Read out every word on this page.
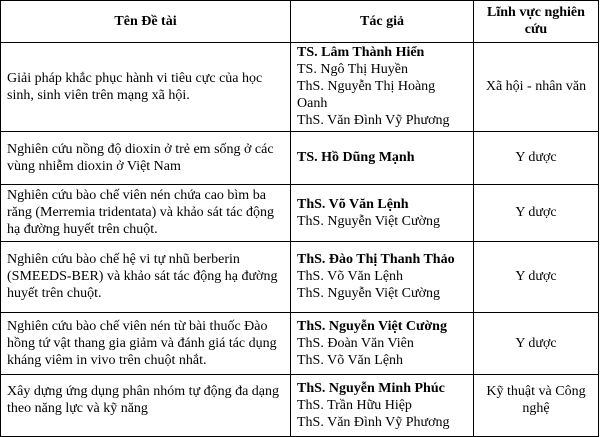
Tên Đề tài	Tác giả	Lĩnh vực nghiên cứu
Giải pháp khắc phục hành vi tiêu cực của học sinh, sinh viên trên mạng xã hội.	TS. Lâm Thành Hiển
TS. Ngô Thị Huyền
ThS. Nguyễn Thị Hoàng Oanh
ThS. Văn Đình Vỹ Phương	Xã hội - nhân văn
Nghiên cứu nồng độ dioxin ở trẻ em sống ở các vùng nhiễm dioxin ở Việt Nam	TS. Hồ Dũng Mạnh	Y dược
Nghiên cứu bào chế viên nén chứa cao bìm ba răng (Merremia tridentata) và khảo sát tác động hạ đường huyết trên chuột.	ThS. Võ Văn Lệnh
ThS. Nguyễn Việt Cường	Y dược
Nghiên cứu bào chế hệ vi tự nhũ berberin (SMEEDS-BER) và khảo sát tác động hạ đường huyết trên chuột.	ThS. Đào Thị Thanh Thảo
ThS. Võ Văn Lệnh
ThS. Nguyễn Việt Cường	Y dược
Nghiên cứu bào chế viên nén từ bài thuốc Đào hồng tứ vật thang gia giảm và đánh giá tác dụng kháng viêm in vivo trên chuột nhắt.	ThS. Nguyễn Việt Cường
ThS. Đoàn Văn Viên
ThS. Võ Văn Lệnh	Y dược
Xây dựng ứng dụng phân nhóm tự động đa dạng theo năng lực và kỹ năng	ThS. Nguyễn Minh Phúc
ThS. Trần Hữu Hiệp
ThS. Văn Đình Vỹ Phương	Kỹ thuật và Công nghệ
